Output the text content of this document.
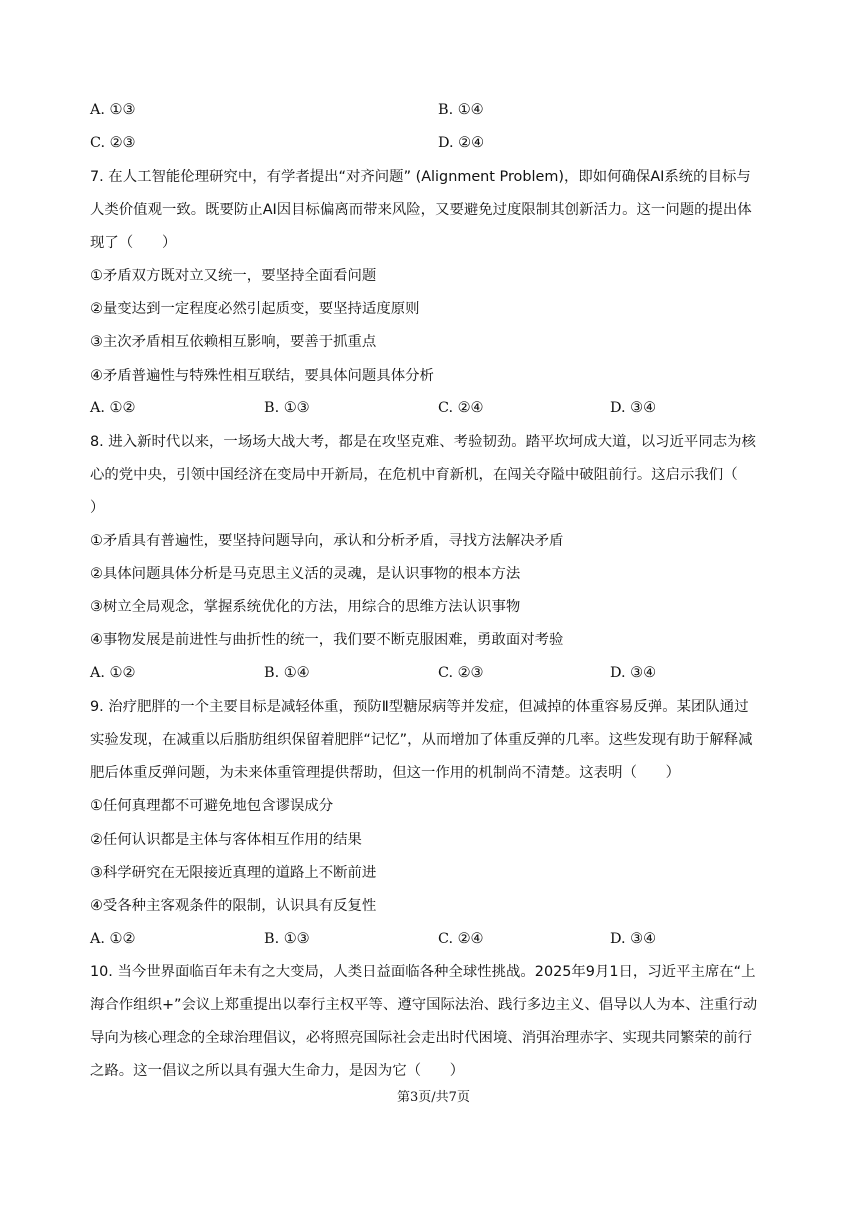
A. ①③	B. ①④
C. ②③	D. ②④
7. 在人工智能伦理研究中，有学者提出“对齐问题” (Alignment Problem)，即如何确保AI系统的目标与
人类价值观一致。既要防止AI因目标偏离而带来风险，又要避免过度限制其创新活力。这一问题的提出体
现了（　　）
①矛盾双方既对立又统一，要坚持全面看问题
②量变达到一定程度必然引起质变，要坚持适度原则
③主次矛盾相互依赖相互影响，要善于抓重点
④矛盾普遍性与特殊性相互联结，要具体问题具体分析
A. ①②	B. ①③	C. ②④	D. ③④
8. 进入新时代以来，一场场大战大考，都是在攻坚克难、考验韧劲。踏平坎坷成大道，以习近平同志为核
心的党中央，引领中国经济在变局中开新局，在危机中育新机，在闯关夺隘中破阻前行。这启示我们（
）
①矛盾具有普遍性，要坚持问题导向，承认和分析矛盾，寻找方法解决矛盾
②具体问题具体分析是马克思主义活的灵魂，是认识事物的根本方法
③树立全局观念，掌握系统优化的方法，用综合的思维方法认识事物
④事物发展是前进性与曲折性的统一，我们要不断克服困难，勇敢面对考验
A. ①②	B. ①④	C. ②③	D. ③④
9. 治疗肥胖的一个主要目标是减轻体重，预防Ⅱ型糖尿病等并发症，但减掉的体重容易反弹。某团队通过
实验发现，在减重以后脂肪组织保留着肥胖“记忆”，从而增加了体重反弹的几率。这些发现有助于解释减
肥后体重反弹问题，为未来体重管理提供帮助，但这一作用的机制尚不清楚。这表明（　　）
①任何真理都不可避免地包含谬误成分
②任何认识都是主体与客体相互作用的结果
③科学研究在无限接近真理的道路上不断前进
④受各种主客观条件的限制，认识具有反复性
A. ①②	B. ①③	C. ②④	D. ③④
10. 当今世界面临百年未有之大变局，人类日益面临各种全球性挑战。2025年9月1日，习近平主席在“上
海合作组织+”会议上郑重提出以奉行主权平等、遵守国际法治、践行多边主义、倡导以人为本、注重行动
导向为核心理念的全球治理倡议，必将照亮国际社会走出时代困境、消弭治理赤字、实现共同繁荣的前行
之路。这一倡议之所以具有强大生命力，是因为它（　　）
第3页/共7页
